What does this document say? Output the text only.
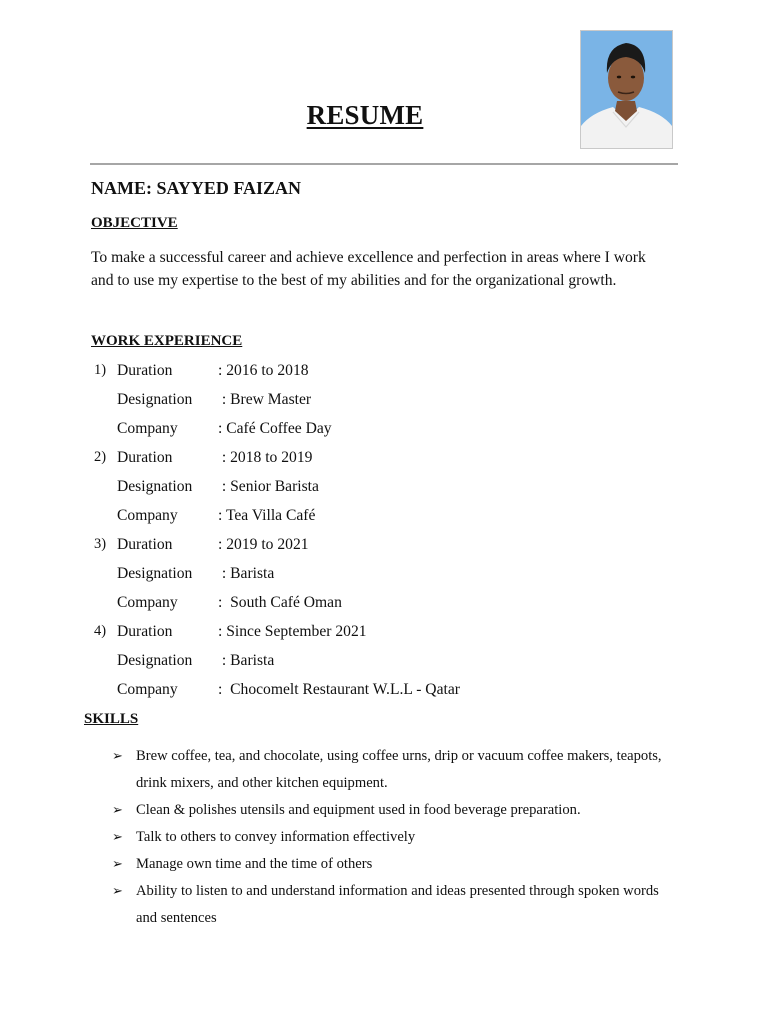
RESUME
NAME: SAYYED FAIZAN
OBJECTIVE
To make a successful career and achieve excellence and perfection in areas where I work
and to use my expertise to the best of my abilities and for the organizational growth.
WORK EXPERIENCE
1) Duration	: 2016 to 2018
Designation : Brew Master
Company	: Café Coffee Day
2) Duration	: 2018 to 2019
Designation : Senior Barista
Company	: Tea Villa Café
3) Duration	: 2019 to 2021
Designation : Barista
Company	:  South Café Oman
4) Duration	: Since September 2021
Designation : Barista
Company	:  Chocomelt Restaurant W.L.L - Qatar
SKILLS
➢ Brew coffee, tea, and chocolate, using coffee urns, drip or vacuum coffee makers, teapots,
drink mixers, and other kitchen equipment.
➢ Clean & polishes utensils and equipment used in food beverage preparation.
➢ Talk to others to convey information effectively
➢ Manage own time and the time of others
➢ Ability to listen to and understand information and ideas presented through spoken words
and sentences
